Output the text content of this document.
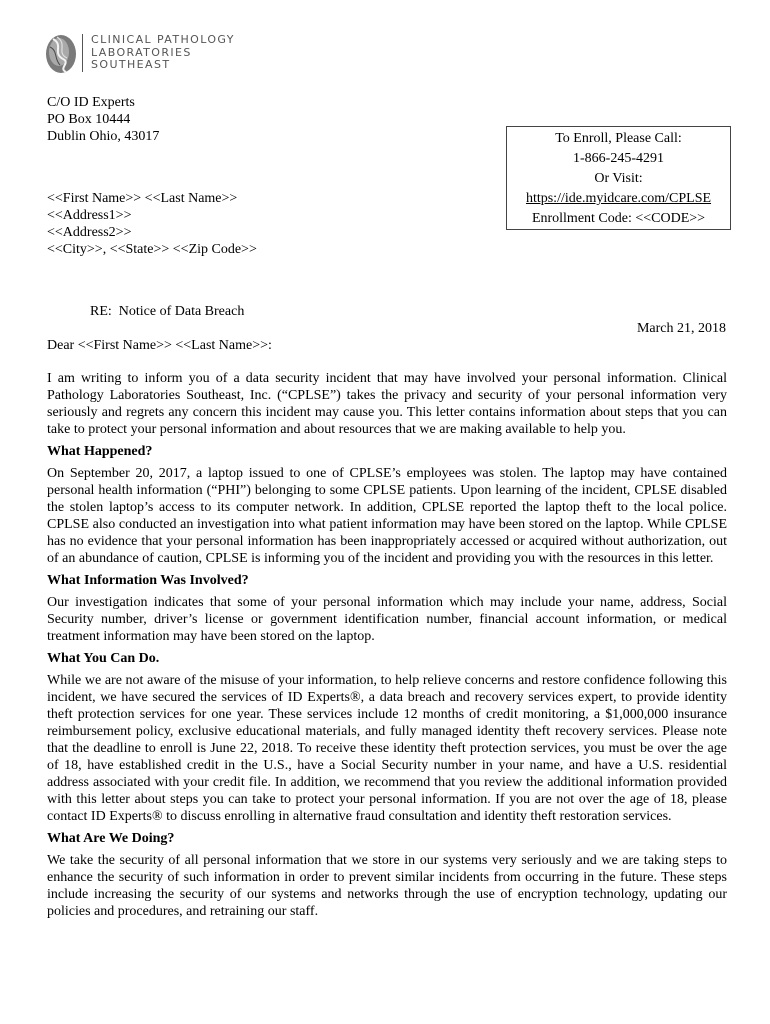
CLINICAL PATHOLOGY
LABORATORIES
SOUTHEAST
C/O ID Experts
PO Box 10444
Dublin Ohio, 43017	To Enroll, Please Call:
1-866-245-4291
Or Visit:
https://ide.myidcare.com/CPLSE
Enrollment Code: <<CODE>>
<<First Name>> <<Last Name>>
<<Address1>>
<<Address2>>
<<City>>, <<State>> <<Zip Code>>
RE:  Notice of Data Breach
March 21, 2018
Dear <<First Name>> <<Last Name>>:

I am writing to inform you of a data security incident that may have involved your personal information. Clinical Pathology Laboratories Southeast, Inc. (“CPLSE”) takes the privacy and security of your personal information very seriously and regrets any concern this incident may cause you. This letter contains information about steps that you can take to protect your personal information and about resources that we are making available to help you.

What Happened?

On September 20, 2017, a laptop issued to one of CPLSE’s employees was stolen. The laptop may have contained personal health information (“PHI”) belonging to some CPLSE patients. Upon learning of the incident, CPLSE disabled the stolen laptop’s access to its computer network. In addition, CPLSE reported the laptop theft to the local police. CPLSE also conducted an investigation into what patient information may have been stored on the laptop. While CPLSE has no evidence that your personal information has been inappropriately accessed or acquired without authorization, out of an abundance of caution, CPLSE is informing you of the incident and providing you with the resources in this letter.

What Information Was Involved?

Our investigation indicates that some of your personal information which may include your name, address, Social Security number, driver’s license or government identification number, financial account information, or medical treatment information may have been stored on the laptop.

What You Can Do.

While we are not aware of the misuse of your information, to help relieve concerns and restore confidence following this incident, we have secured the services of ID Experts®, a data breach and recovery services expert, to provide identity theft protection services for one year. These services include 12 months of credit monitoring, a $1,000,000 insurance reimbursement policy, exclusive educational materials, and fully managed identity theft recovery services. Please note that the deadline to enroll is June 22, 2018. To receive these identity theft protection services, you must be over the age of 18, have established credit in the U.S., have a Social Security number in your name, and have a U.S. residential address associated with your credit file. In addition, we recommend that you review the additional information provided with this letter about steps you can take to protect your personal information. If you are not over the age of 18, please contact ID Experts® to discuss enrolling in alternative fraud consultation and identity theft restoration services.

What Are We Doing?

We take the security of all personal information that we store in our systems very seriously and we are taking steps to enhance the security of such information in order to prevent similar incidents from occurring in the future. These steps include increasing the security of our systems and networks through the use of encryption technology, updating our policies and procedures, and retraining our staff.
